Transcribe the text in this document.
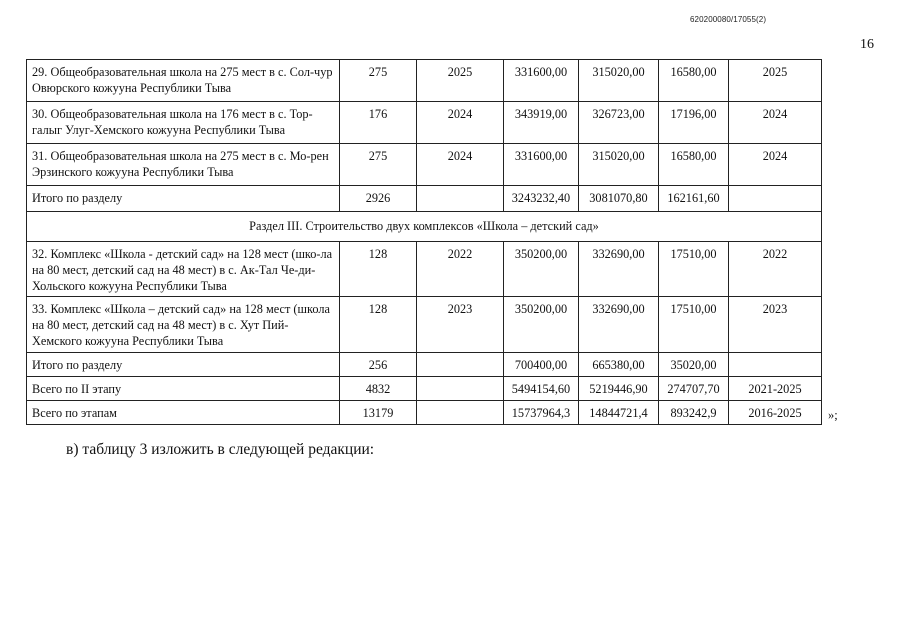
620200080/17055(2)
16
29. Общеобразовательная школа на 275 мест в с. Сол-чур Овюрского кожууна Республики Тыва	275	2025	331600,00	315020,00	16580,00	2025
30. Общеобразовательная школа на 176 мест в с. Тор-галыг Улуг-Хемского кожууна Республики Тыва	176	2024	343919,00	326723,00	17196,00	2024
31. Общеобразовательная школа на 275 мест в с. Мо-рен Эрзинского кожууна Республики Тыва	275	2024	331600,00	315020,00	16580,00	2024
Итого по разделу	2926		3243232,40	3081070,80	162161,60	
Раздел III. Строительство двух комплексов «Школа – детский сад»						
32. Комплекс «Школа - детский сад» на 128 мест (шко-ла на 80 мест, детский сад на 48 мест) в с. Ак-Тал Че-ди-Хольского кожууна Республики Тыва	128	2022	350200,00	332690,00	17510,00	2022
33. Комплекс «Школа – детский сад» на 128 мест (школа на 80 мест, детский сад на 48 мест) в с. Хут Пий-Хемского кожууна Республики Тыва	128	2023	350200,00	332690,00	17510,00	2023
Итого по разделу	256		700400,00	665380,00	35020,00	
Всего по II этапу	4832		5494154,60	5219446,90	274707,70	2021-2025
Всего по этапам	13179		15737964,3	14844721,4	893242,9	2016-2025 »;
в) таблицу 3 изложить в следующей редакции:
